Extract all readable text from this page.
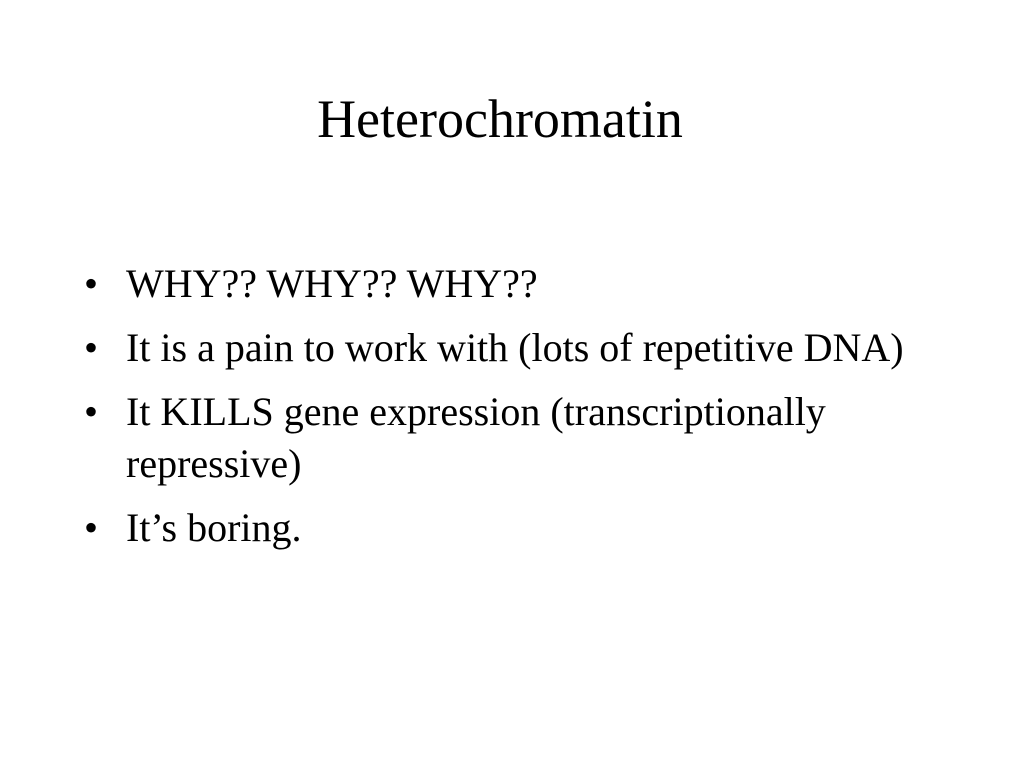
Heterochromatin
• WHY?? WHY?? WHY??
• It is a pain to work with (lots of repetitive DNA)
• It KILLS gene expression (transcriptionally repressive)
• It’s boring.
